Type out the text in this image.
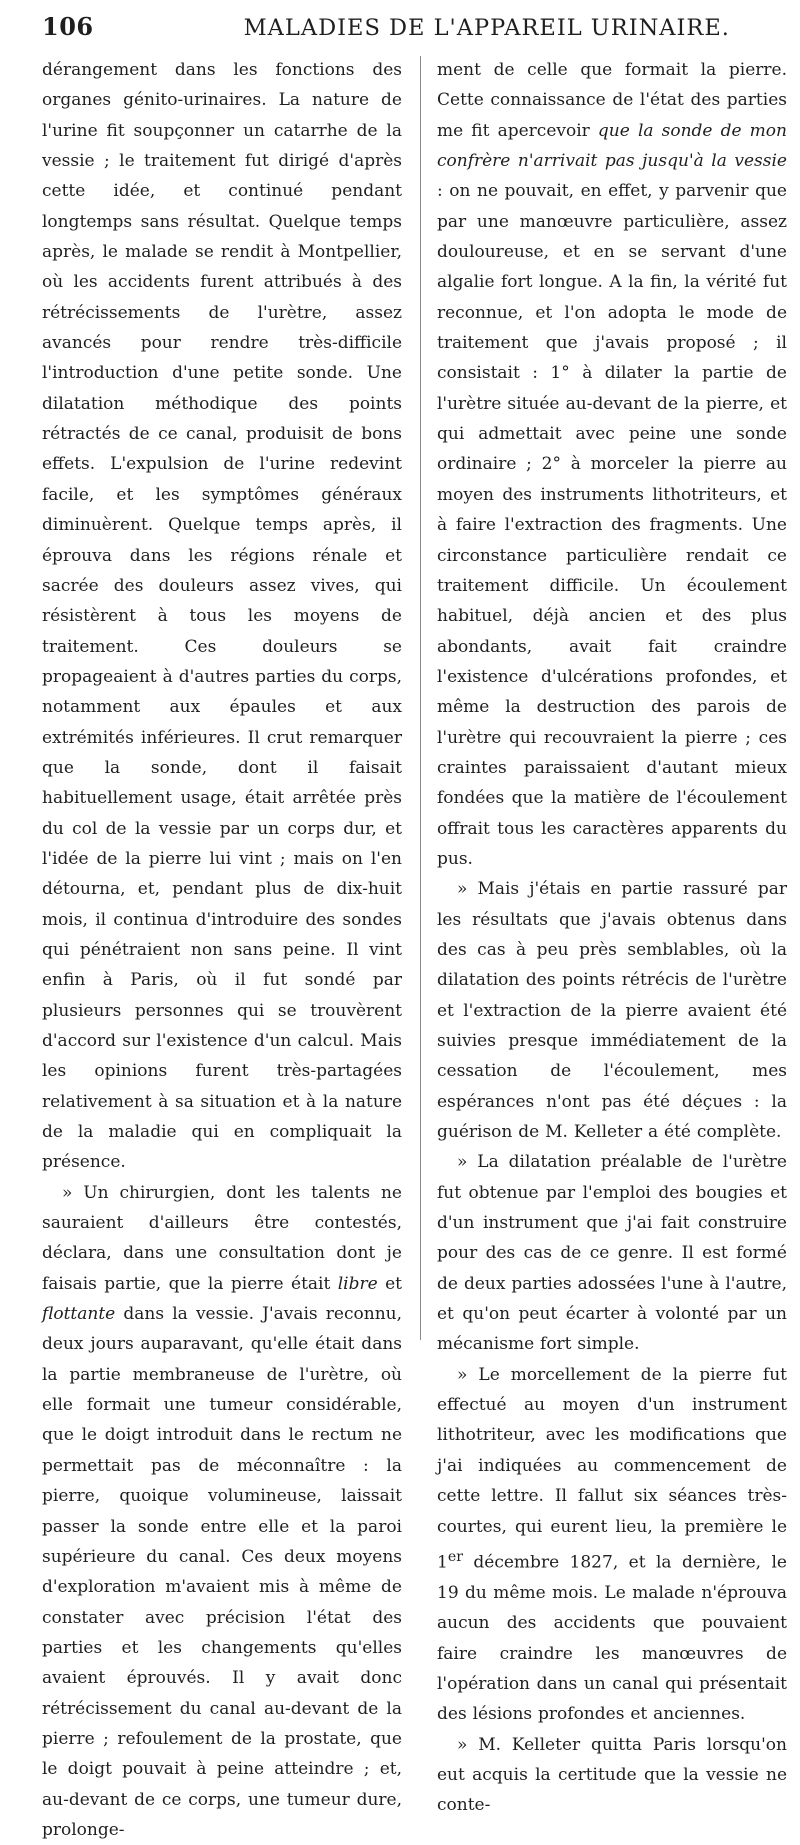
106	MALADIES DE L'APPAREIL URINAIRE.

dérangement dans les fonctions des organes génito-urinaires. La nature de l'urine fit soupçonner un catarrhe de la vessie ; le traitement fut dirigé d'après cette idée, et continué pendant longtemps sans résultat. Quelque temps après, le malade se rendit à Montpellier, où les accidents furent attribués à des rétrécissements de l'urètre, assez avancés pour rendre très-difficile l'introduction d'une petite sonde. Une dilatation méthodique des points rétractés de ce canal, produisit de bons effets. L'expulsion de l'urine redevint facile, et les symptômes généraux diminuèrent. Quelque temps après, il éprouva dans les régions rénale et sacrée des douleurs assez vives, qui résistèrent à tous les moyens de traitement. Ces douleurs se propageaient à d'autres parties du corps, notamment aux épaules et aux extrémités inférieures. Il crut remarquer que la sonde, dont il faisait habituellement usage, était arrêtée près du col de la vessie par un corps dur, et l'idée de la pierre lui vint ; mais on l'en détourna, et, pendant plus de dix-huit mois, il continua d'introduire des sondes qui pénétraient non sans peine. Il vint enfin à Paris, où il fut sondé par plusieurs personnes qui se trouvèrent d'accord sur l'existence d'un calcul. Mais les opinions furent très-partagées relativement à sa situation et à la nature de la maladie qui en compliquait la présence.

» Un chirurgien, dont les talents ne sauraient d'ailleurs être contestés, déclara, dans une consultation dont je faisais partie, que la pierre était libre et flottante dans la vessie. J'avais reconnu, deux jours auparavant, qu'elle était dans la partie membraneuse de l'urètre, où elle formait une tumeur considérable, que le doigt introduit dans le rectum ne permettait pas de méconnaître : la pierre, quoique volumineuse, laissait passer la sonde entre elle et la paroi supérieure du canal. Ces deux moyens d'exploration m'avaient mis à même de constater avec précision l'état des parties et les changements qu'elles avaient éprouvés. Il y avait donc rétrécissement du canal au-devant de la pierre ; refoulement de la prostate, que le doigt pouvait à peine atteindre ; et, au-devant de ce corps, une tumeur dure, prolonge-

ment de celle que formait la pierre. Cette connaissance de l'état des parties me fit apercevoir que la sonde de mon confrère n'arrivait pas jusqu'à la vessie : on ne pouvait, en effet, y parvenir que par une manœuvre particulière, assez douloureuse, et en se servant d'une algalie fort longue. A la fin, la vérité fut reconnue, et l'on adopta le mode de traitement que j'avais proposé ; il consistait : 1° à dilater la partie de l'urètre située au-devant de la pierre, et qui admettait avec peine une sonde ordinaire ; 2° à morceler la pierre au moyen des instruments lithotriteurs, et à faire l'extraction des fragments. Une circonstance particulière rendait ce traitement difficile. Un écoulement habituel, déjà ancien et des plus abondants, avait fait craindre l'existence d'ulcérations profondes, et même la destruction des parois de l'urètre qui recouvraient la pierre ; ces craintes paraissaient d'autant mieux fondées que la matière de l'écoulement offrait tous les caractères apparents du pus.

» Mais j'étais en partie rassuré par les résultats que j'avais obtenus dans des cas à peu près semblables, où la dilatation des points rétrécis de l'urètre et l'extraction de la pierre avaient été suivies presque immédiatement de la cessation de l'écoulement, mes espérances n'ont pas été déçues : la guérison de M. Kelleter a été complète.

» La dilatation préalable de l'urètre fut obtenue par l'emploi des bougies et d'un instrument que j'ai fait construire pour des cas de ce genre. Il est formé de deux parties adossées l'une à l'autre, et qu'on peut écarter à volonté par un mécanisme fort simple.

» Le morcellement de la pierre fut effectué au moyen d'un instrument lithotriteur, avec les modifications que j'ai indiquées au commencement de cette lettre. Il fallut six séances très-courtes, qui eurent lieu, la première le 1er décembre 1827, et la dernière, le 19 du même mois. Le malade n'éprouva aucun des accidents que pouvaient faire craindre les manœuvres de l'opération dans un canal qui présentait des lésions profondes et anciennes.

» M. Kelleter quitta Paris lorsqu'on eut acquis la certitude que la vessie ne conte-
